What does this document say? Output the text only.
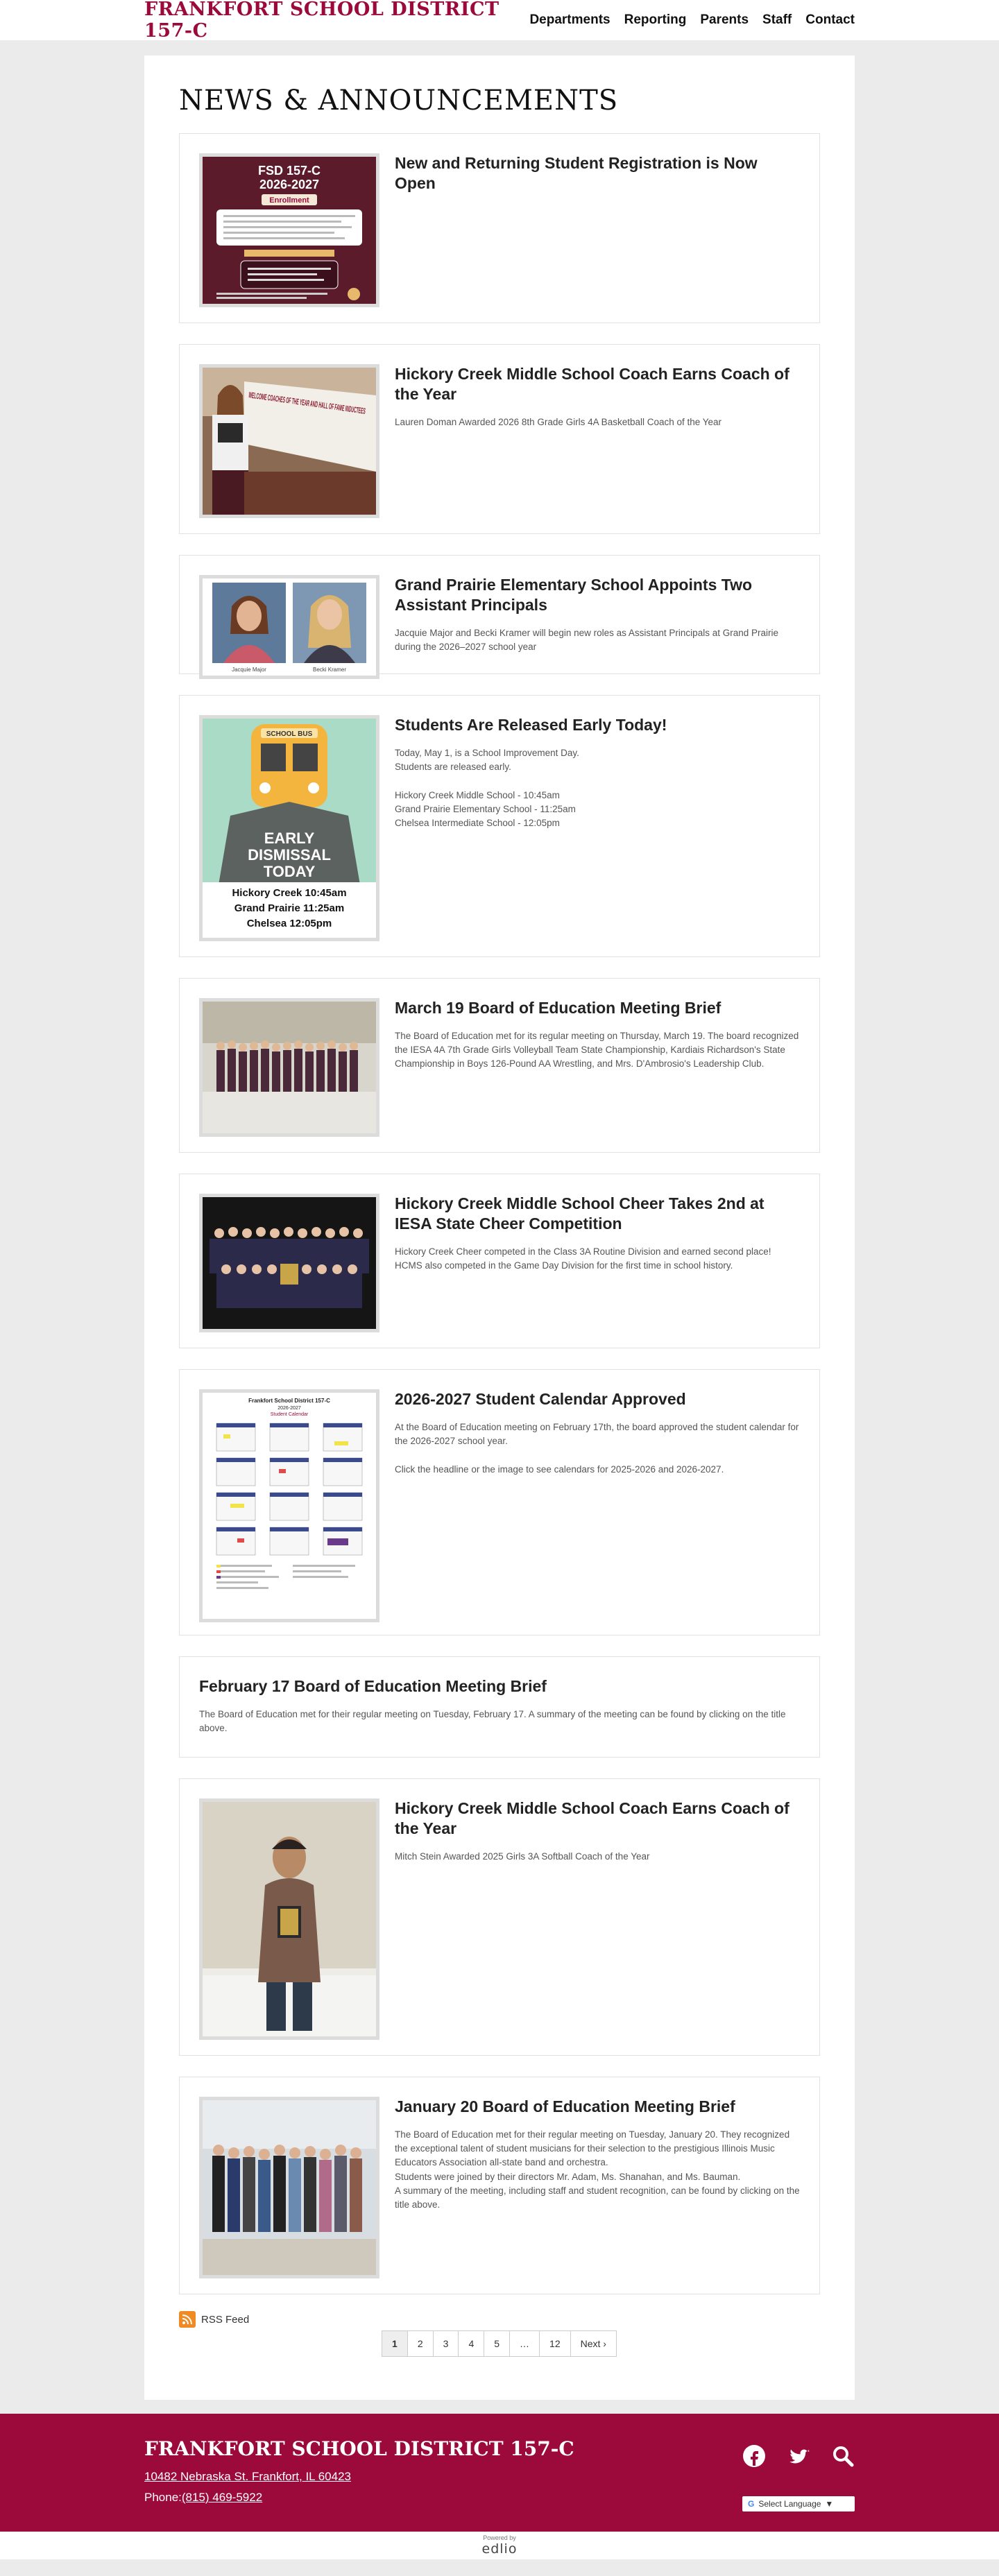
FRANKFORT SCHOOL DISTRICT 157-C
Departments Reporting Parents Staff Contact
NEWS & ANNOUNCEMENTS
FSD 157-C
2026-2027
Enrollment
New and Returning Student Registration is Now Open

Hickory Creek Middle School Coach Earns Coach of the Year

Lauren Doman Awarded 2026 8th Grade Girls 4A Basketball Coach of the Year

Jacquie Major	Becki Kramer
Grand Prairie Elementary School Appoints Two Assistant Principals

Jacquie Major and Becki Kramer will begin new roles as Assistant Principals at Grand Prairie during the 2026–2027 school year

SCHOOL BUS
EARLY
DISMISSAL
TODAY
Hickory Creek 10:45am
Grand Prairie 11:25am
Chelsea 12:05pm
Students Are Released Early Today!

Today, May 1, is a School Improvement Day.
Students are released early.

Hickory Creek Middle School - 10:45am
Grand Prairie Elementary School - 11:25am
Chelsea Intermediate School - 12:05pm

March 19 Board of Education Meeting Brief

The Board of Education met for its regular meeting on Thursday, March 19. The board recognized the IESA 4A 7th Grade Girls Volleyball Team State Championship, Kardiais Richardson's State Championship in Boys 126-Pound AA Wrestling, and Mrs. D'Ambrosio's Leadership Club.

Hickory Creek Middle School Cheer Takes 2nd at IESA State Cheer Competition

Hickory Creek Cheer competed in the Class 3A Routine Division and earned second place! HCMS also competed in the Game Day Division for the first time in school history.

Frankfort School District 157-C
2026-2027
Student Calendar
2026-2027 Student Calendar Approved

At the Board of Education meeting on February 17th, the board approved the student calendar for the 2026-2027 school year.

Click the headline or the image to see calendars for 2025-2026 and 2026-2027.

February 17 Board of Education Meeting Brief

The Board of Education met for their regular meeting on Tuesday, February 17. A summary of the meeting can be found by clicking on the title above.

Hickory Creek Middle School Coach Earns Coach of the Year

Mitch Stein Awarded 2025 Girls 3A Softball Coach of the Year

January 20 Board of Education Meeting Brief

The Board of Education met for their regular meeting on Tuesday, January 20. They recognized the exceptional talent of student musicians for their selection to the prestigious Illinois Music Educators Association all-state band and orchestra.
Students were joined by their directors Mr. Adam, Ms. Shanahan, and Ms. Bauman.
A summary of the meeting, including staff and student recognition, can be found by clicking on the title above.

RSS Feed
1	2	3	4	5	…	12	Next ›
FRANKFORT SCHOOL DISTRICT 157-C
10482 Nebraska St. Frankfort, IL 60423
Phone:(815) 469-5922	G Select Language ▼
Powered by
edlio
